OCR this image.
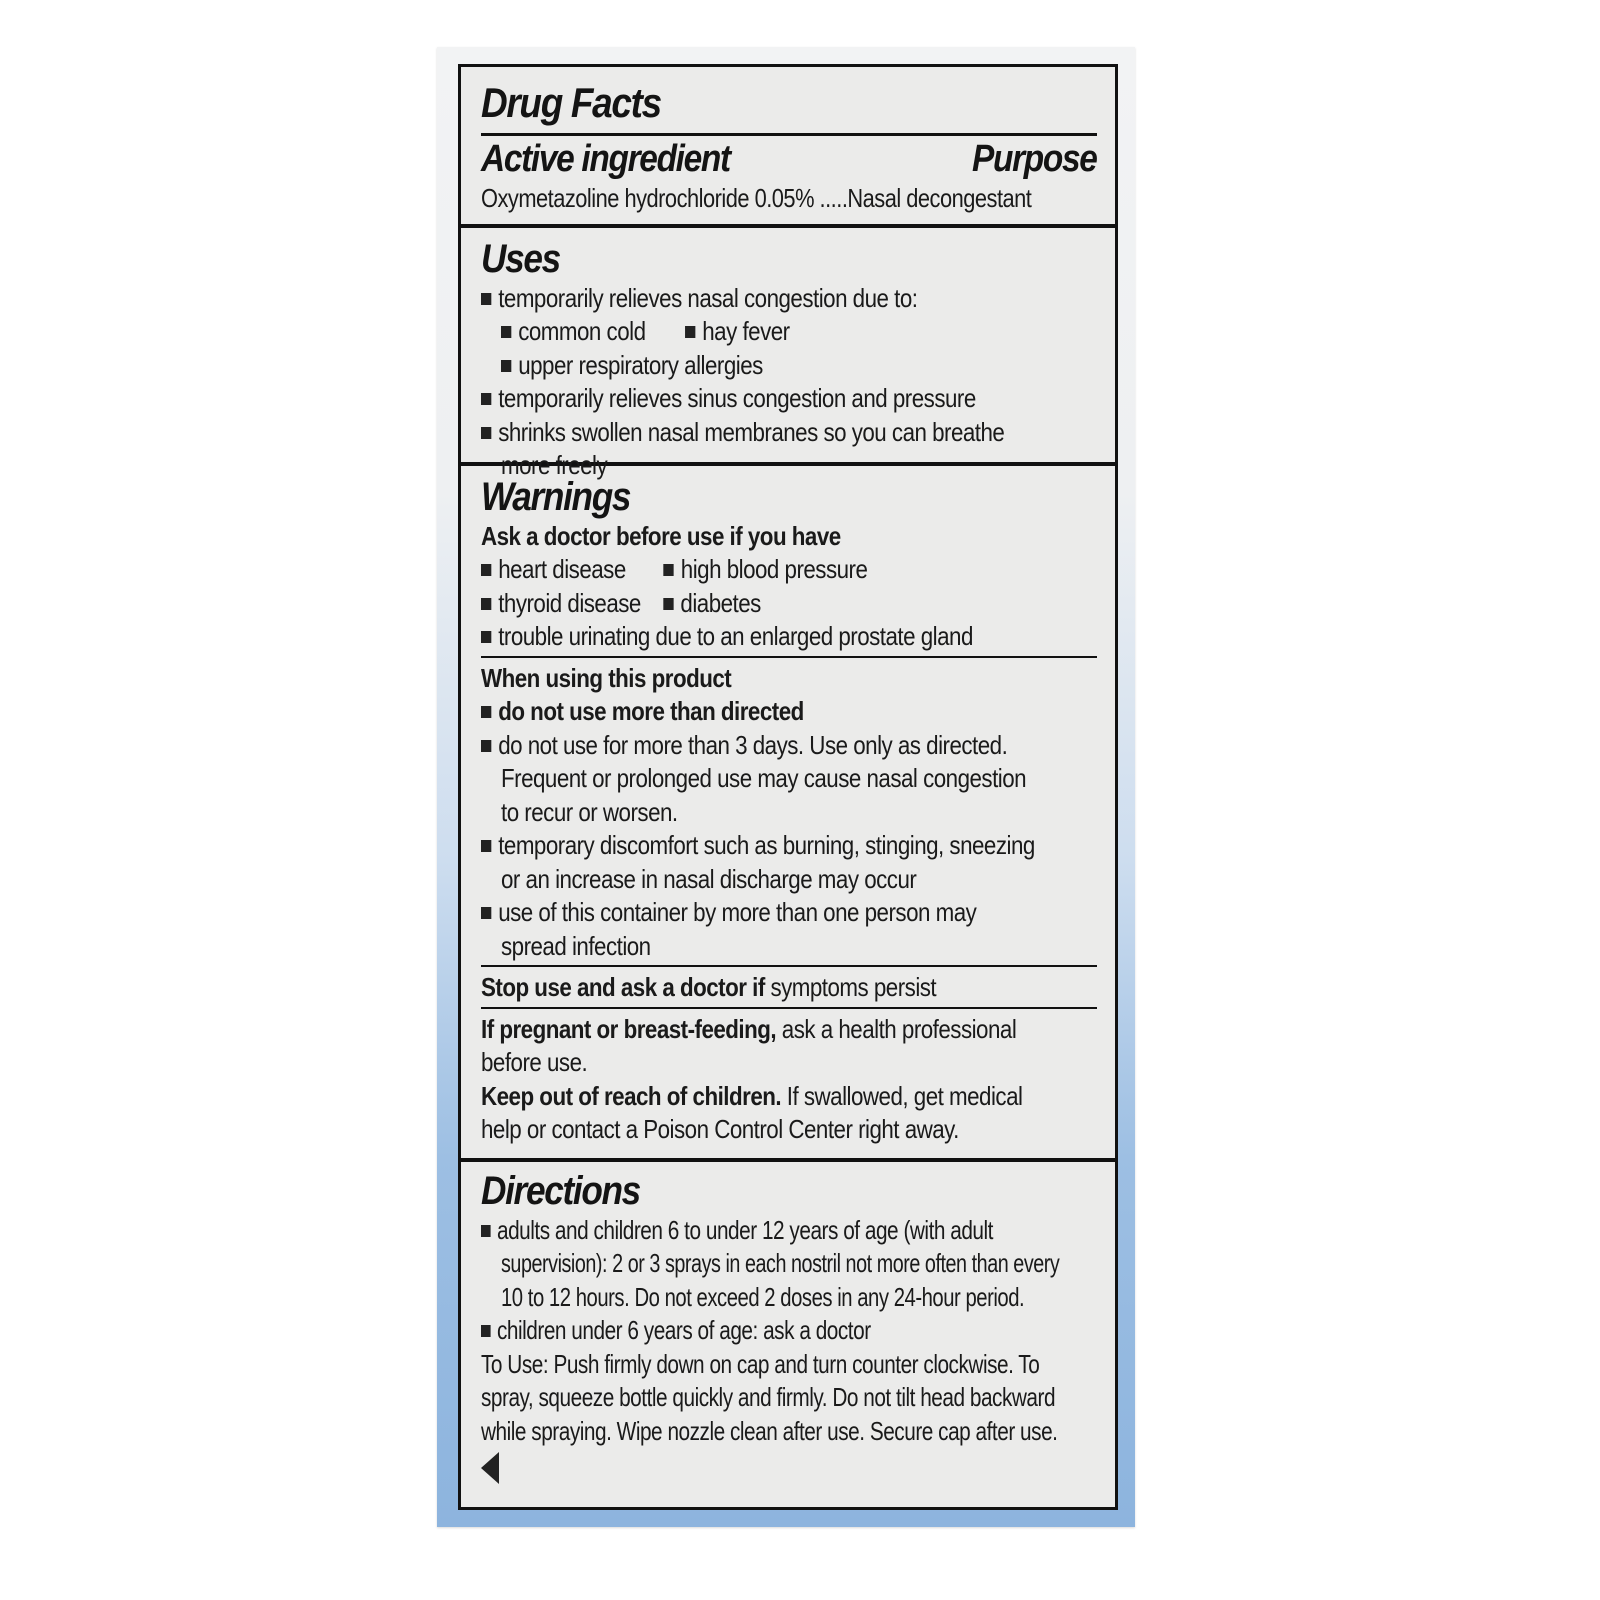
Drug Facts
Active ingredient	Purpose
Oxymetazoline hydrochloride 0.05% .....Nasal decongestant
Uses
temporarily relieves nasal congestion due to:
common cold hay fever
upper respiratory allergies
temporarily relieves sinus congestion and pressure
shrinks swollen nasal membranes so you can breathe
more freely
Warnings
Ask a doctor before use if you have
heart disease high blood pressure
thyroid disease diabetes
trouble urinating due to an enlarged prostate gland
When using this product
do not use more than directed
do not use for more than 3 days. Use only as directed.
Frequent or prolonged use may cause nasal congestion
to recur or worsen.
temporary discomfort such as burning, stinging, sneezing
or an increase in nasal discharge may occur
use of this container by more than one person may
spread infection
Stop use and ask a doctor if symptoms persist
If pregnant or breast-feeding, ask a health professional
before use.
Keep out of reach of children. If swallowed, get medical
help or contact a Poison Control Center right away.
Directions
adults and children 6 to under 12 years of age (with adult
supervision): 2 or 3 sprays in each nostril not more often than every
10 to 12 hours. Do not exceed 2 doses in any 24-hour period.
children under 6 years of age: ask a doctor
To Use: Push firmly down on cap and turn counter clockwise. To
spray, squeeze bottle quickly and firmly. Do not tilt head backward
while spraying. Wipe nozzle clean after use. Secure cap after use.
